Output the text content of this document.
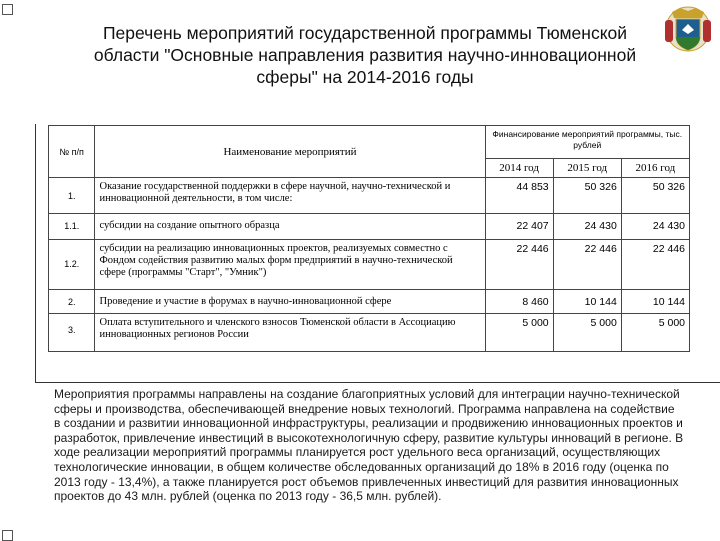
Перечень мероприятий государственной программы Тюменской области "Основные направления развития научно-инновационной сферы" на 2014-2016 годы
№ п/п	Наименование мероприятий	Финансирование мероприятий программы, тыс. рублей		
		2014 год	2015 год	2016 год
1.	Оказание государственной поддержки в сфере научной, научно-технической и инновационной деятельности, в том числе:	44 853	50 326	50 326
1.1.	субсидии на создание опытного образца	22 407	24 430	24 430
1.2.	субсидии на реализацию инновационных проектов, реализуемых совместно с Фондом содействия развитию малых форм предприятий в научно-технической сфере (программы "Старт", "Умник")	22 446	22 446	22 446
2.	Проведение и участие в форумах в научно-инновационной сфере	8 460	10 144	10 144
3.	Оплата вступительного и членского взносов Тюменской области в Ассоциацию инновационных регионов России	5 000	5 000	5 000
Мероприятия программы направлены на создание благоприятных условий для интеграции научно-технической сферы и производства, обеспечивающей внедрение новых технологий. Программа направлена на содействие в создании и развитии инновационной инфраструктуры, реализации и продвижению инновационных проектов и разработок, привлечение инвестиций в высокотехнологичную сферу, развитие культуры инноваций в регионе. В ходе реализации мероприятий программы планируется рост удельного веса организаций, осуществляющих технологические инновации, в общем количестве обследованных организаций до 18% в 2016 году (оценка по 2013 году - 13,4%), а также планируется рост объемов привлеченных инвестиций для развития инновационных проектов до 43 млн. рублей (оценка по 2013 году - 36,5 млн. рублей).
